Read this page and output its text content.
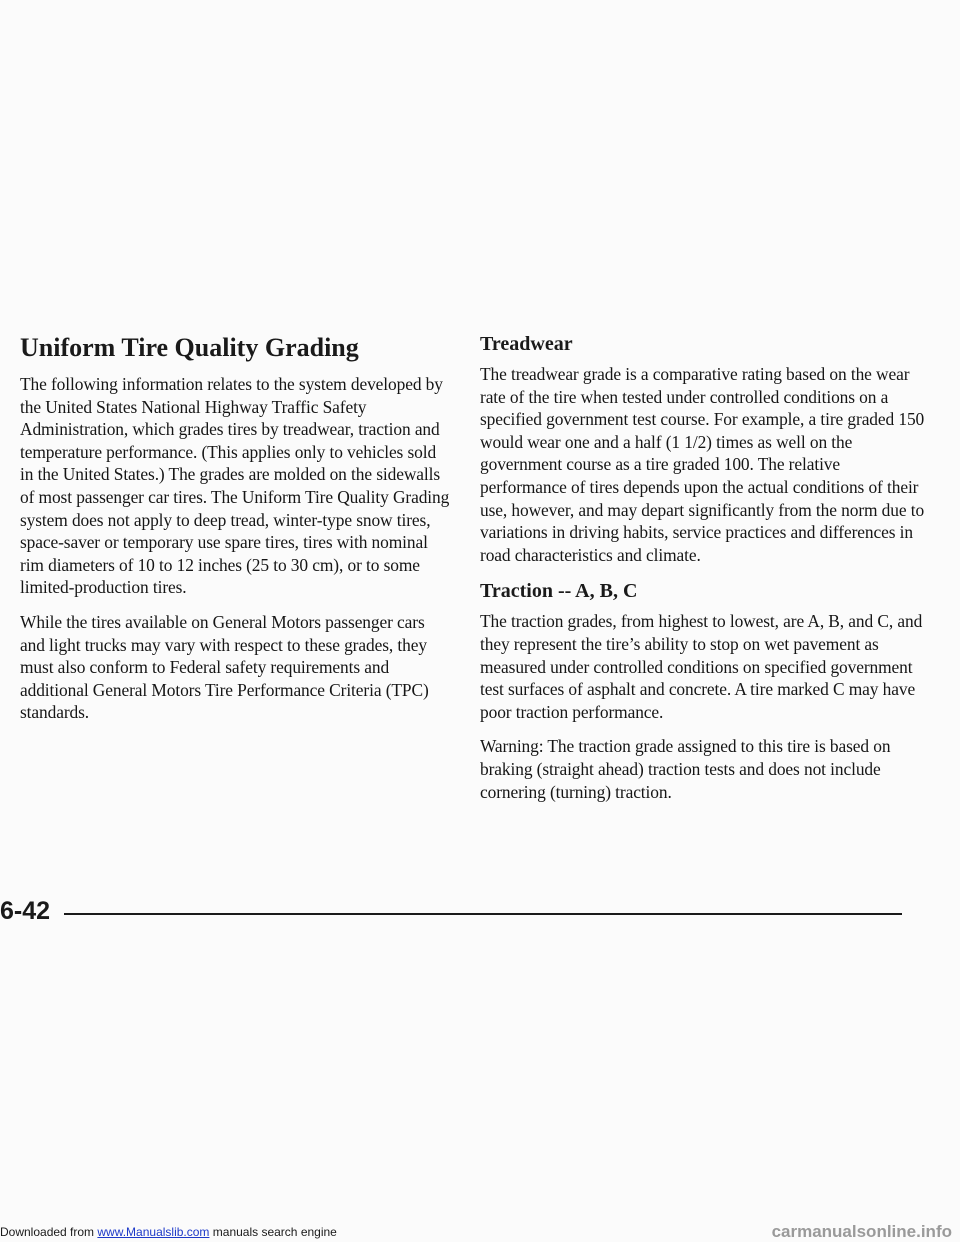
Uniform Tire Quality Grading

The following information relates to the system developed by the United States National Highway Traffic Safety Administration, which grades tires by treadwear, traction and temperature performance. (This applies only to vehicles sold in the United States.) The grades are molded on the sidewalls of most passenger car tires. The Uniform Tire Quality Grading system does not apply to deep tread, winter-type snow tires, space-saver or temporary use spare tires, tires with nominal rim diameters of 10 to 12 inches (25 to 30 cm), or to some limited-production tires.

While the tires available on General Motors passenger cars and light trucks may vary with respect to these grades, they must also conform to Federal safety requirements and additional General Motors Tire Performance Criteria (TPC) standards.

Treadwear

The treadwear grade is a comparative rating based on the wear rate of the tire when tested under controlled conditions on a specified government test course. For example, a tire graded 150 would wear one and a half (1 1/2) times as well on the government course as a tire graded 100. The relative performance of tires depends upon the actual conditions of their use, however, and may depart significantly from the norm due to variations in driving habits, service practices and differences in road characteristics and climate.

Traction -- A, B, C

The traction grades, from highest to lowest, are A, B, and C, and they represent the tire’s ability to stop on wet pavement as measured under controlled conditions on specified government test surfaces of asphalt and concrete. A tire marked C may have poor traction performance.

Warning: The traction grade assigned to this tire is based on braking (straight ahead) traction tests and does not include cornering (turning) traction.

6-42
Downloaded from www.Manualslib.com manuals search engine	carmanualsonline.info
